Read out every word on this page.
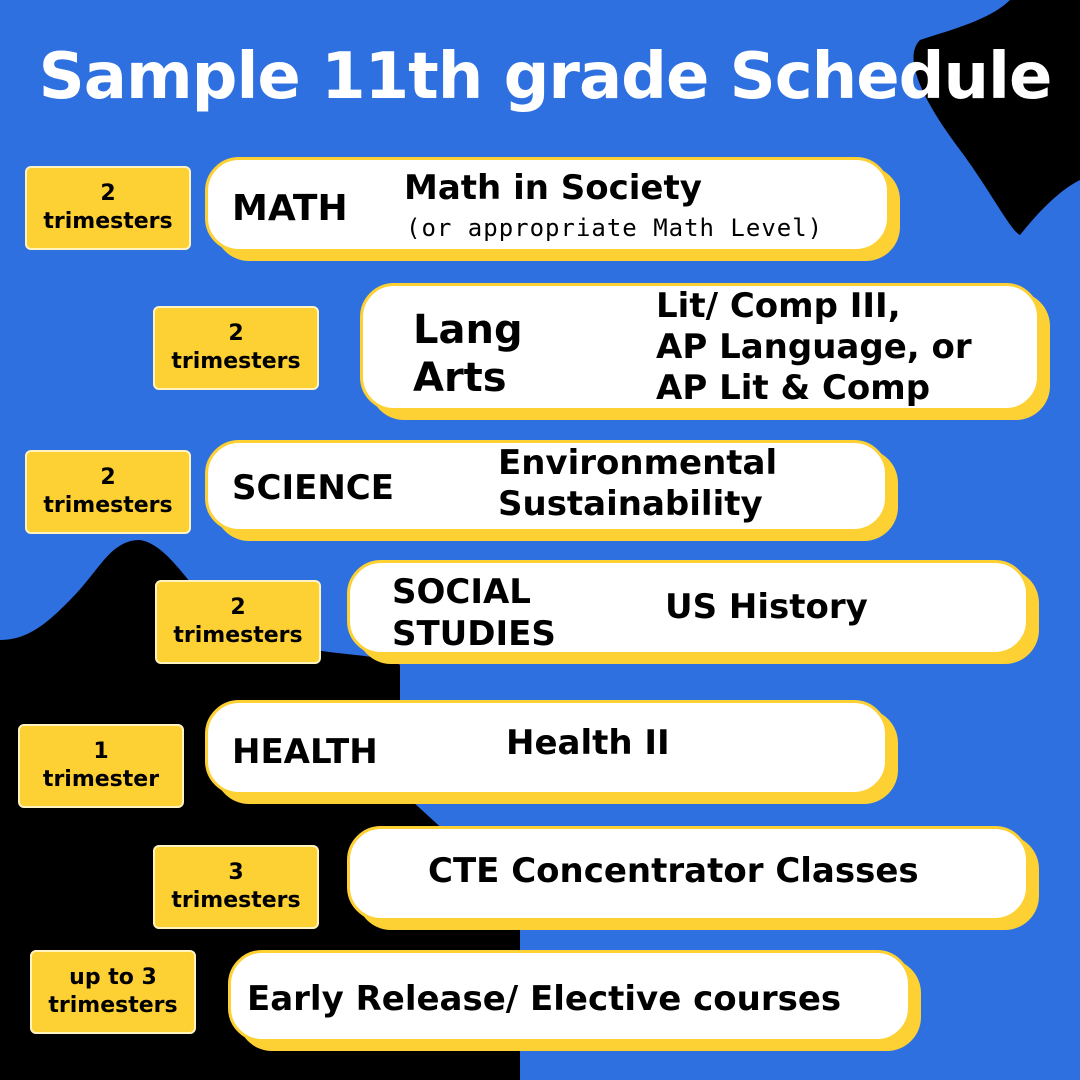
Sample 11th grade Schedule
2
trimesters MATH Math in Society
(or appropriate Math Level)
2
trimesters
Lang
Arts
Lit/ Comp III,
AP Language, or
AP Lit & Comp
2
trimesters SCIENCE
Environmental
Sustainability
2
trimesters
SOCIAL
STUDIES
US History
1
trimester
HEALTH	Health II
3
trimesters
CTE Concentrator Classes
up to 3
trimesters Early Release/ Elective courses
